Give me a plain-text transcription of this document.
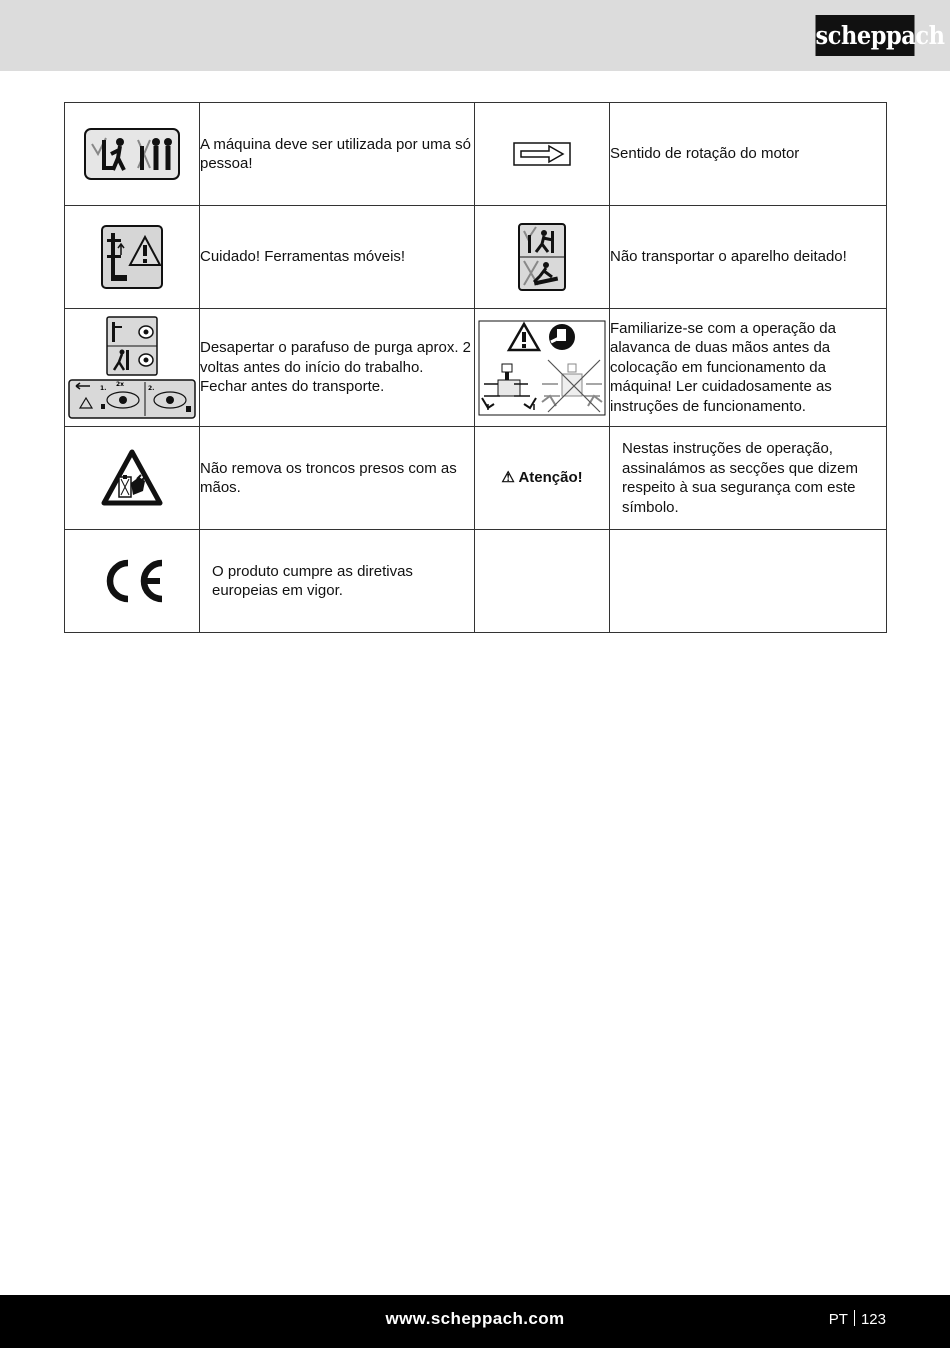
scheppach
	A máquina deve ser utilizada por uma só pessoa!		Sentido de rotação do motor
	Cuidado! Ferramentas móveis!		Não transportar o aparelho deitado!

1.
2x
2.	Desapertar o parafuso de purga aprox. 2 voltas antes do início do trabalho. Fechar antes do transporte.		Familiarize-se com a operação da alavanca de duas mãos antes da colocação em funcionamento da máquina! Ler cuidadosamente as instruções de funcionamento.
	Não remova os troncos presos com as mãos.	⚠ Atenção!	Nestas instruções de operação, assinalámos as secções que dizem respeito à sua segurança com este símbolo.
	O produto cumpre as diretivas europeias em vigor.		
www.scheppach.com	PT 123
